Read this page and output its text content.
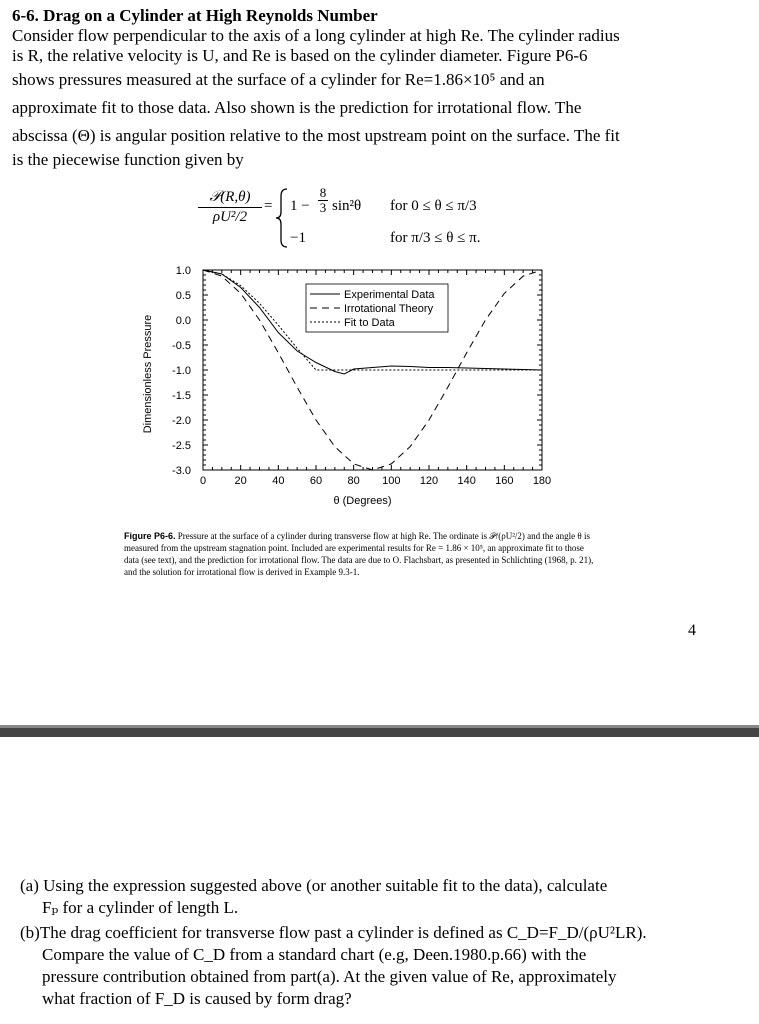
6-6. Drag on a Cylinder at High Reynolds Number

Consider flow perpendicular to the axis of a long cylinder at high Re. The cylinder radius

is R, the relative velocity is U, and Re is based on the cylinder diameter. Figure P6-6

shows pressures measured at the surface of a cylinder for Re=1.86×10⁵ and an

approximate fit to those data. Also shown is the prediction for irrotational flow. The

abscissa (Θ) is angular position relative to the most upstream point on the surface. The fit

is the piecewise function given by

𝒫(R,θ)
ρU²/2
= 1 −
8
3 sin²θ for 0 ≤ θ ≤ π/3
−1	for π/3 ≤ θ ≤ π.
0	20 40 60 80 100 120 140 160 180
1.0
0.5
0.0
-0.5
-1.0
-1.5
-2.0
-2.5
-3.0
θ (Degrees)
Dimensionless Pressure
Experimental Data
Irrotational Theory
Fit to Data
Figure P6-6. Pressure at the surface of a cylinder during transverse flow at high Re. The ordinate is 𝒫/(ρU²/2) and the angle θ is measured from the upstream stagnation point. Included are experimental results for Re = 1.86 × 10⁵, an approximate fit to those data (see text), and the prediction for irrotational flow. The data are due to O. Flachsbart, as presented in Schlichting (1968, p. 21), and the solution for irrotational flow is derived in Example 9.3-1.
4

(a) Using the expression suggested above (or another suitable fit to the data), calculate
Fₚ for a cylinder of length L.

(b)The drag coefficient for transverse flow past a cylinder is defined as C_D=F_D/(ρU²LR).
Compare the value of C_D from a standard chart (e.g, Deen.1980.p.66) with the
pressure contribution obtained from part(a). At the given value of Re, approximately
what fraction of F_D is caused by form drag?
